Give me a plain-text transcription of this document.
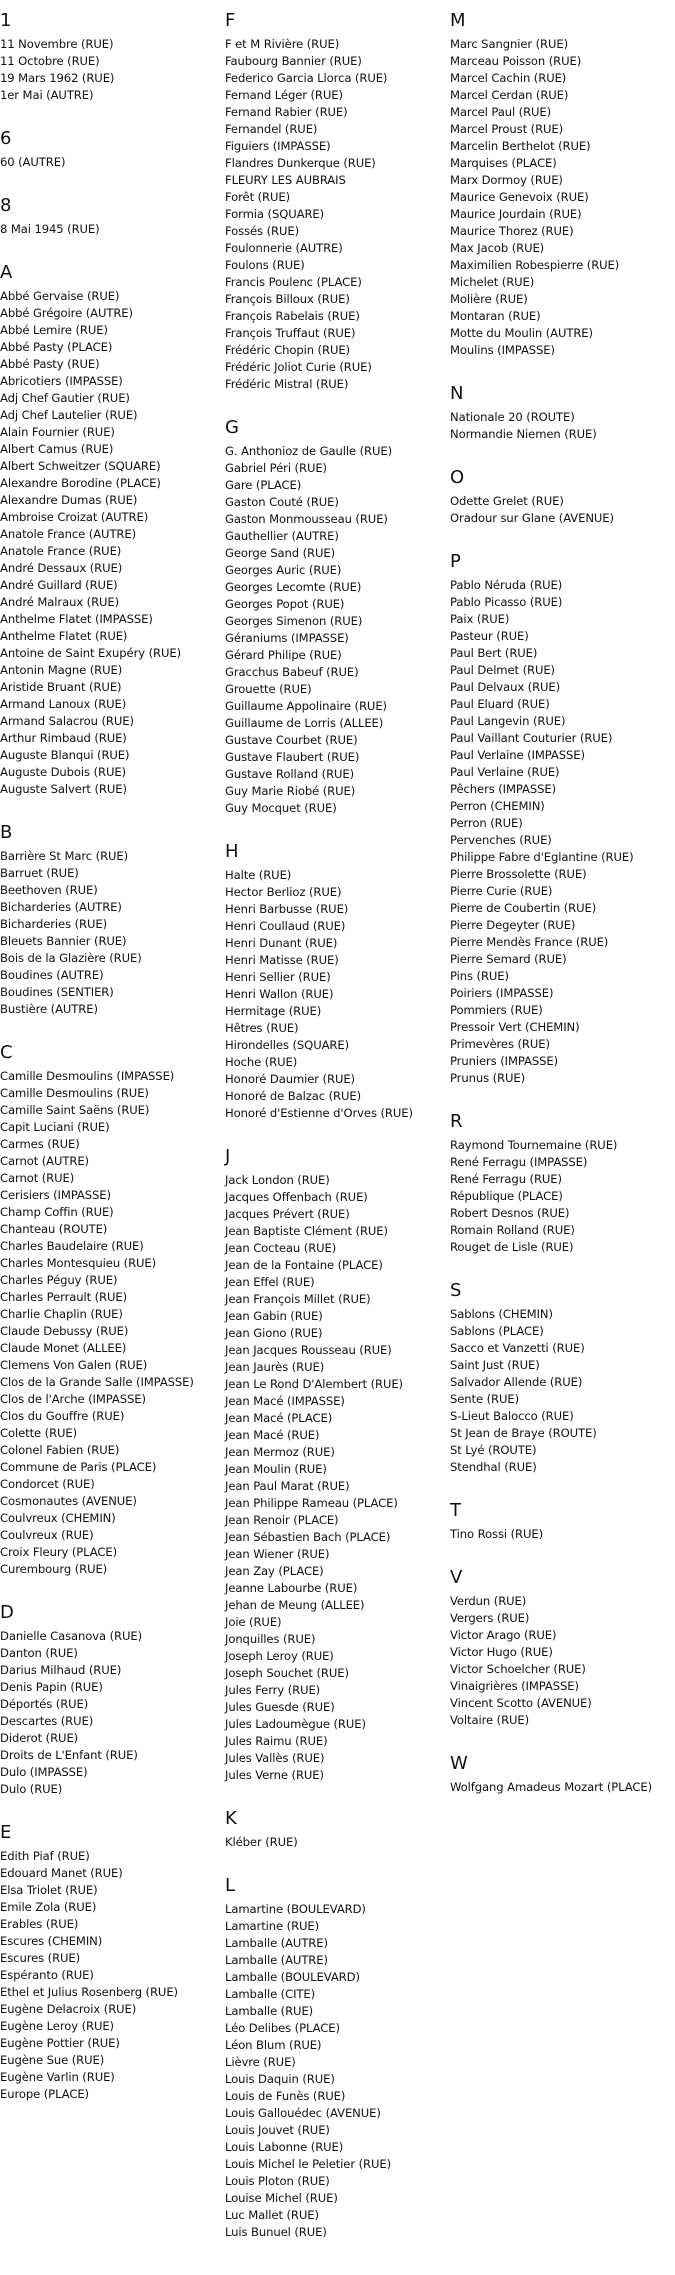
1
11 Novembre (RUE)
11 Octobre (RUE)
19 Mars 1962 (RUE)
1er Mai (AUTRE)
6
60 (AUTRE)
8
8 Mai 1945 (RUE)
A
Abbé Gervaise (RUE)
Abbé Grégoire (AUTRE)
Abbé Lemire (RUE)
Abbé Pasty (PLACE)
Abbé Pasty (RUE)
Abricotiers (IMPASSE)
Adj Chef Gautier (RUE)
Adj Chef Lautelier (RUE)
Alain Fournier (RUE)
Albert Camus (RUE)
Albert Schweitzer (SQUARE)
Alexandre Borodine (PLACE)
Alexandre Dumas (RUE)
Ambroise Croizat (AUTRE)
Anatole France (AUTRE)
Anatole France (RUE)
André Dessaux (RUE)
André Guillard (RUE)
André Malraux (RUE)
Anthelme Flatet (IMPASSE)
Anthelme Flatet (RUE)
Antoine de Saint Exupéry (RUE)
Antonin Magne (RUE)
Aristide Bruant (RUE)
Armand Lanoux (RUE)
Armand Salacrou (RUE)
Arthur Rimbaud (RUE)
Auguste Blanqui (RUE)
Auguste Dubois (RUE)
Auguste Salvert (RUE)
B
Barrière St Marc (RUE)
Barruet (RUE)
Beethoven (RUE)
Bicharderies (AUTRE)
Bicharderies (RUE)
Bleuets Bannier (RUE)
Bois de la Glazière (RUE)
Boudines (AUTRE)
Boudines (SENTIER)
Bustière (AUTRE)
C
Camille Desmoulins (IMPASSE)
Camille Desmoulins (RUE)
Camille Saint Saëns (RUE)
Capit Luciani (RUE)
Carmes (RUE)
Carnot (AUTRE)
Carnot (RUE)
Cerisiers (IMPASSE)
Champ Coffin (RUE)
Chanteau (ROUTE)
Charles Baudelaire (RUE)
Charles Montesquieu (RUE)
Charles Péguy (RUE)
Charles Perrault (RUE)
Charlie Chaplin (RUE)
Claude Debussy (RUE)
Claude Monet (ALLEE)
Clemens Von Galen (RUE)
Clos de la Grande Salle (IMPASSE)
Clos de l'Arche (IMPASSE)
Clos du Gouffre (RUE)
Colette (RUE)
Colonel Fabien (RUE)
Commune de Paris (PLACE)
Condorcet (RUE)
Cosmonautes (AVENUE)
Coulvreux (CHEMIN)
Coulvreux (RUE)
Croix Fleury (PLACE)
Curembourg (RUE)
D
Danielle Casanova (RUE)
Danton (RUE)
Darius Milhaud (RUE)
Denis Papin (RUE)
Déportés (RUE)
Descartes (RUE)
Diderot (RUE)
Droits de L'Enfant (RUE)
Dulo (IMPASSE)
Dulo (RUE)
E
Edith Piaf (RUE)
Edouard Manet (RUE)
Elsa Triolet (RUE)
Emile Zola (RUE)
Erables (RUE)
Escures (CHEMIN)
Escures (RUE)
Espéranto (RUE)
Ethel et Julius Rosenberg (RUE)
Eugène Delacroix (RUE)
Eugène Leroy (RUE)
Eugène Pottier (RUE)
Eugène Sue (RUE)
Eugène Varlin (RUE)
Europe (PLACE)
F
F et M Rivière (RUE)
Faubourg Bannier (RUE)
Federico Garcia Llorca (RUE)
Fernand Léger (RUE)
Fernand Rabier (RUE)
Fernandel (RUE)
Figuiers (IMPASSE)
Flandres Dunkerque (RUE)
FLEURY LES AUBRAIS
Forêt (RUE)
Formia (SQUARE)
Fossés (RUE)
Foulonnerie (AUTRE)
Foulons (RUE)
Francis Poulenc (PLACE)
François Billoux (RUE)
François Rabelais (RUE)
François Truffaut (RUE)
Frédéric Chopin (RUE)
Frédéric Joliot Curie (RUE)
Frédéric Mistral (RUE)
G
G. Anthonioz de Gaulle (RUE)
Gabriel Péri (RUE)
Gare (PLACE)
Gaston Couté (RUE)
Gaston Monmousseau (RUE)
Gauthellier (AUTRE)
George Sand (RUE)
Georges Auric (RUE)
Georges Lecomte (RUE)
Georges Popot (RUE)
Georges Simenon (RUE)
Géraniums (IMPASSE)
Gérard Philipe (RUE)
Gracchus Babeuf (RUE)
Grouette (RUE)
Guillaume Appolinaire (RUE)
Guillaume de Lorris (ALLEE)
Gustave Courbet (RUE)
Gustave Flaubert (RUE)
Gustave Rolland (RUE)
Guy Marie Riobé (RUE)
Guy Mocquet (RUE)
H
Halte (RUE)
Hector Berlioz (RUE)
Henri Barbusse (RUE)
Henri Coullaud (RUE)
Henri Dunant (RUE)
Henri Matisse (RUE)
Henri Sellier (RUE)
Henri Wallon (RUE)
Hermitage (RUE)
Hêtres (RUE)
Hirondelles (SQUARE)
Hoche (RUE)
Honoré Daumier (RUE)
Honoré de Balzac (RUE)
Honoré d'Estienne d'Orves (RUE)
J
Jack London (RUE)
Jacques Offenbach (RUE)
Jacques Prévert (RUE)
Jean Baptiste Clément (RUE)
Jean Cocteau (RUE)
Jean de la Fontaine (PLACE)
Jean Effel (RUE)
Jean François Millet (RUE)
Jean Gabin (RUE)
Jean Giono (RUE)
Jean Jacques Rousseau (RUE)
Jean Jaurès (RUE)
Jean Le Rond D'Alembert (RUE)
Jean Macé (IMPASSE)
Jean Macé (PLACE)
Jean Macé (RUE)
Jean Mermoz (RUE)
Jean Moulin (RUE)
Jean Paul Marat (RUE)
Jean Philippe Rameau (PLACE)
Jean Renoir (PLACE)
Jean Sébastien Bach (PLACE)
Jean Wiener (RUE)
Jean Zay (PLACE)
Jeanne Labourbe (RUE)
Jehan de Meung (ALLEE)
Joie (RUE)
Jonquilles (RUE)
Joseph Leroy (RUE)
Joseph Souchet (RUE)
Jules Ferry (RUE)
Jules Guesde (RUE)
Jules Ladoumègue (RUE)
Jules Raimu (RUE)
Jules Vallès (RUE)
Jules Verne (RUE)
K
Kléber (RUE)
L
Lamartine (BOULEVARD)
Lamartine (RUE)
Lamballe (AUTRE)
Lamballe (AUTRE)
Lamballe (BOULEVARD)
Lamballe (CITE)
Lamballe (RUE)
Léo Delibes (PLACE)
Léon Blum (RUE)
Lièvre (RUE)
Louis Daquin (RUE)
Louis de Funès (RUE)
Louis Gallouédec (AVENUE)
Louis Jouvet (RUE)
Louis Labonne (RUE)
Louis Michel le Peletier (RUE)
Louis Ploton (RUE)
Louise Michel (RUE)
Luc Mallet (RUE)
Luis Bunuel (RUE)
M
Marc Sangnier (RUE)
Marceau Poisson (RUE)
Marcel Cachin (RUE)
Marcel Cerdan (RUE)
Marcel Paul (RUE)
Marcel Proust (RUE)
Marcelin Berthelot (RUE)
Marquises (PLACE)
Marx Dormoy (RUE)
Maurice Genevoix (RUE)
Maurice Jourdain (RUE)
Maurice Thorez (RUE)
Max Jacob (RUE)
Maximilien Robespierre (RUE)
Michelet (RUE)
Molière (RUE)
Montaran (RUE)
Motte du Moulin (AUTRE)
Moulins (IMPASSE)
N
Nationale 20 (ROUTE)
Normandie Niemen (RUE)
O
Odette Grelet (RUE)
Oradour sur Glane (AVENUE)
P
Pablo Néruda (RUE)
Pablo Picasso (RUE)
Paix (RUE)
Pasteur (RUE)
Paul Bert (RUE)
Paul Delmet (RUE)
Paul Delvaux (RUE)
Paul Eluard (RUE)
Paul Langevin (RUE)
Paul Vaillant Couturier (RUE)
Paul Verlaine (IMPASSE)
Paul Verlaine (RUE)
Pêchers (IMPASSE)
Perron (CHEMIN)
Perron (RUE)
Pervenches (RUE)
Philippe Fabre d'Eglantine (RUE)
Pierre Brossolette (RUE)
Pierre Curie (RUE)
Pierre de Coubertin (RUE)
Pierre Degeyter (RUE)
Pierre Mendès France (RUE)
Pierre Semard (RUE)
Pins (RUE)
Poiriers (IMPASSE)
Pommiers (RUE)
Pressoir Vert (CHEMIN)
Primevères (RUE)
Pruniers (IMPASSE)
Prunus (RUE)
R
Raymond Tournemaine (RUE)
René Ferragu (IMPASSE)
René Ferragu (RUE)
République (PLACE)
Robert Desnos (RUE)
Romain Rolland (RUE)
Rouget de Lisle (RUE)
S
Sablons (CHEMIN)
Sablons (PLACE)
Sacco et Vanzetti (RUE)
Saint Just (RUE)
Salvador Allende (RUE)
Sente (RUE)
S-Lieut Balocco (RUE)
St Jean de Braye (ROUTE)
St Lyé (ROUTE)
Stendhal (RUE)
T
Tino Rossi (RUE)
V
Verdun (RUE)
Vergers (RUE)
Victor Arago (RUE)
Victor Hugo (RUE)
Victor Schoelcher (RUE)
Vinaigrières (IMPASSE)
Vincent Scotto (AVENUE)
Voltaire (RUE)
W
Wolfgang Amadeus Mozart (PLACE)
